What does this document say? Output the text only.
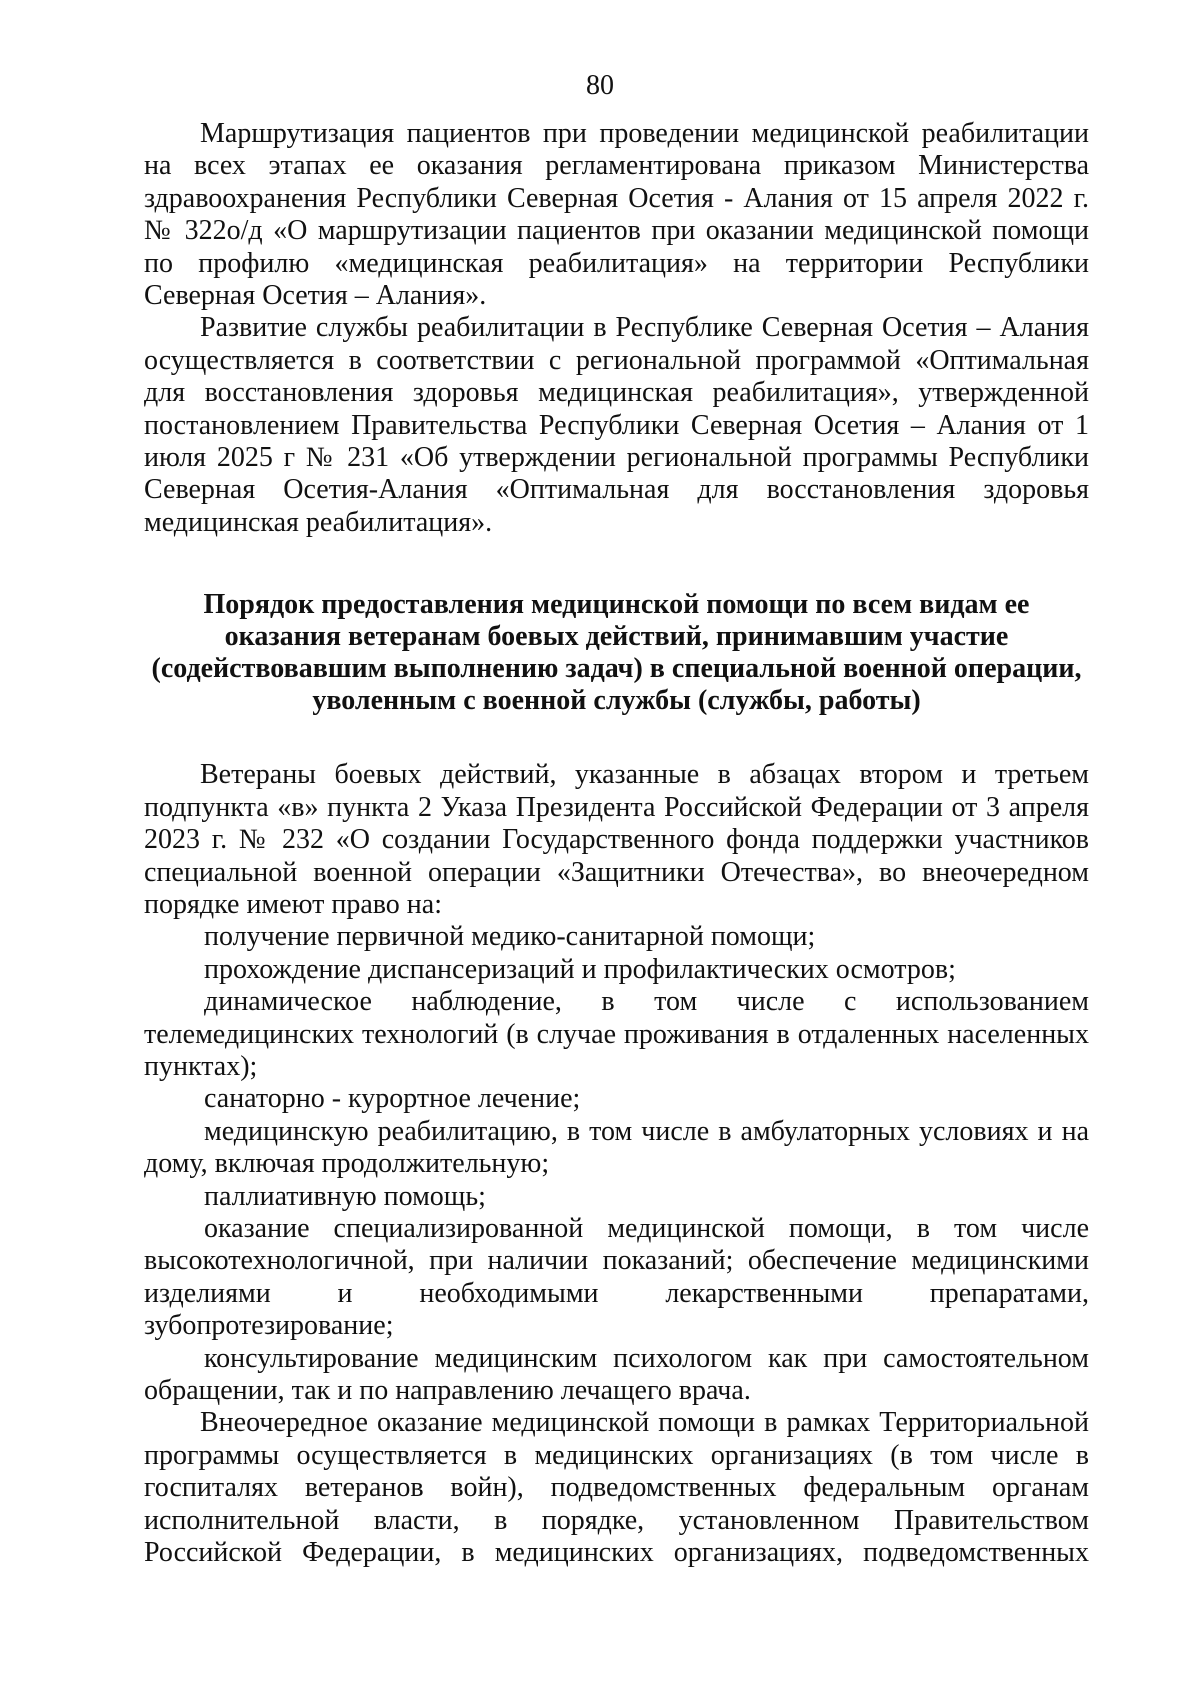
80

Маршрутизация пациентов при проведении медицинской реабилитации на всех этапах ее оказания регламентирована приказом Министерства здравоохранения Республики Северная Осетия - Алания от 15 апреля 2022 г. № 322о/д «О маршрутизации пациентов при оказании медицинской помощи по профилю «медицинская реабилитация» на территории Республики Северная Осетия – Алания».

Развитие службы реабилитации в Республике Северная Осетия – Алания осуществляется в соответствии с региональной программой «Оптимальная для восстановления здоровья медицинская реабилитация», утвержденной постановлением Правительства Республики Северная Осетия – Алания от 1 июля 2025 г № 231 «Об утверждении региональной программы Республики Северная Осетия-Алания «Оптимальная для восстановления здоровья медицинская реабилитация».

Порядок предоставления медицинской помощи по всем видам ее
оказания ветеранам боевых действий, принимавшим участие
(содействовавшим выполнению задач) в специальной военной операции,
уволенным с военной службы (службы, работы)

Ветераны боевых действий, указанные в абзацах втором и третьем подпункта «в» пункта 2 Указа Президента Российской Федерации от 3 апреля 2023 г. № 232 «О создании Государственного фонда поддержки участников специальной военной операции «Защитники Отечества», во внеочередном порядке имеют право на:

получение первичной медико-санитарной помощи;

прохождение диспансеризаций и профилактических осмотров;

динамическое наблюдение, в том числе с использованием телемедицинских технологий (в случае проживания в отдаленных населенных пунктах);

санаторно - курортное лечение;

медицинскую реабилитацию, в том числе в амбулаторных условиях и на дому, включая продолжительную;

паллиативную помощь;

оказание специализированной медицинской помощи, в том числе высокотехнологичной, при наличии показаний; обеспечение медицинскими изделиями и необходимыми лекарственными препаратами, зубопротезирование;

консультирование медицинским психологом как при самостоятельном обращении, так и по направлению лечащего врача.

Внеочередное оказание медицинской помощи в рамках Территориальной программы осуществляется в медицинских организациях (в том числе в госпиталях ветеранов войн), подведомственных федеральным органам исполнительной власти, в порядке, установленном Правительством Российской Федерации, в медицинских организациях, подведомственных
